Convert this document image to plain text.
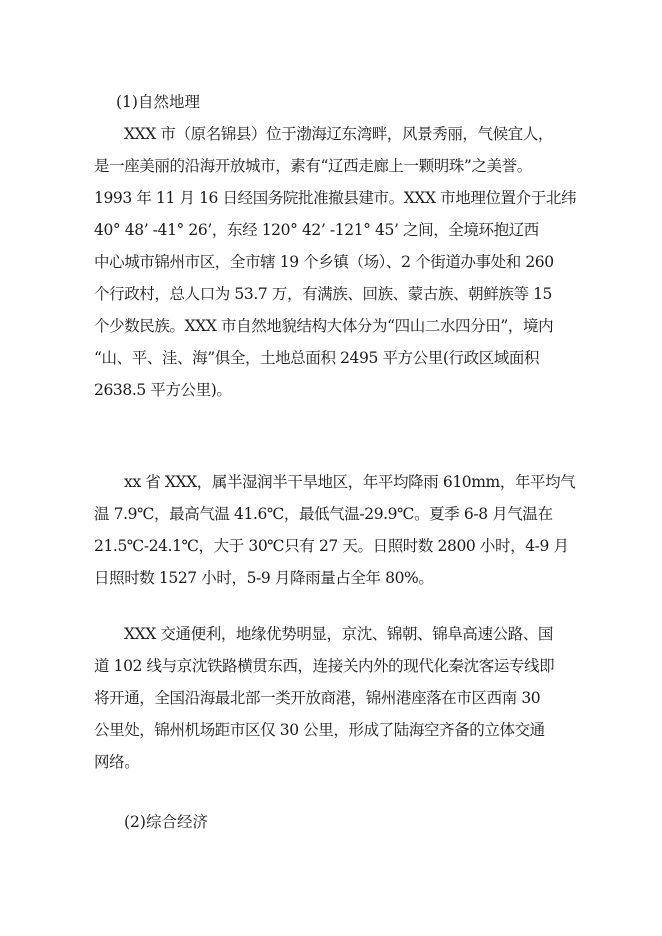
(1)自然地理
XXX 市（原名锦县）位于渤海辽东湾畔，风景秀丽，气候宜人，
是一座美丽的沿海开放城市，素有“辽西走廊上一颗明珠”之美誉。
1993 年 11 月 16 日经国务院批准撤县建市。XXX 市地理位置介于北纬
40° 48’ -41° 26’，东经 120° 42’ -121° 45’ 之间，全境环抱辽西
中心城市锦州市区，全市辖 19 个乡镇（场）、2 个街道办事处和 260
个行政村，总人口为 53.7 万，有满族、回族、蒙古族、朝鲜族等 15
个少数民族。XXX 市自然地貌结构大体分为“四山二水四分田”，境内
“山、平、洼、海”俱全，土地总面积 2495 平方公里(行政区域面积
2638.5 平方公里)。
xx 省 XXX，属半湿润半干旱地区，年平均降雨 610mm，年平均气
温 7.9℃，最高气温 41.6℃，最低气温-29.9℃。夏季 6-8 月气温在
21.5℃-24.1℃，大于 30℃只有 27 天。日照时数 2800 小时，4-9 月
日照时数 1527 小时，5-9 月降雨量占全年 80%。
XXX 交通便利，地缘优势明显，京沈、锦朝、锦阜高速公路、国
道 102 线与京沈铁路横贯东西，连接关内外的现代化秦沈客运专线即
将开通，全国沿海最北部一类开放商港，锦州港座落在市区西南 30
公里处，锦州机场距市区仅 30 公里，形成了陆海空齐备的立体交通
网络。
(2)综合经济
